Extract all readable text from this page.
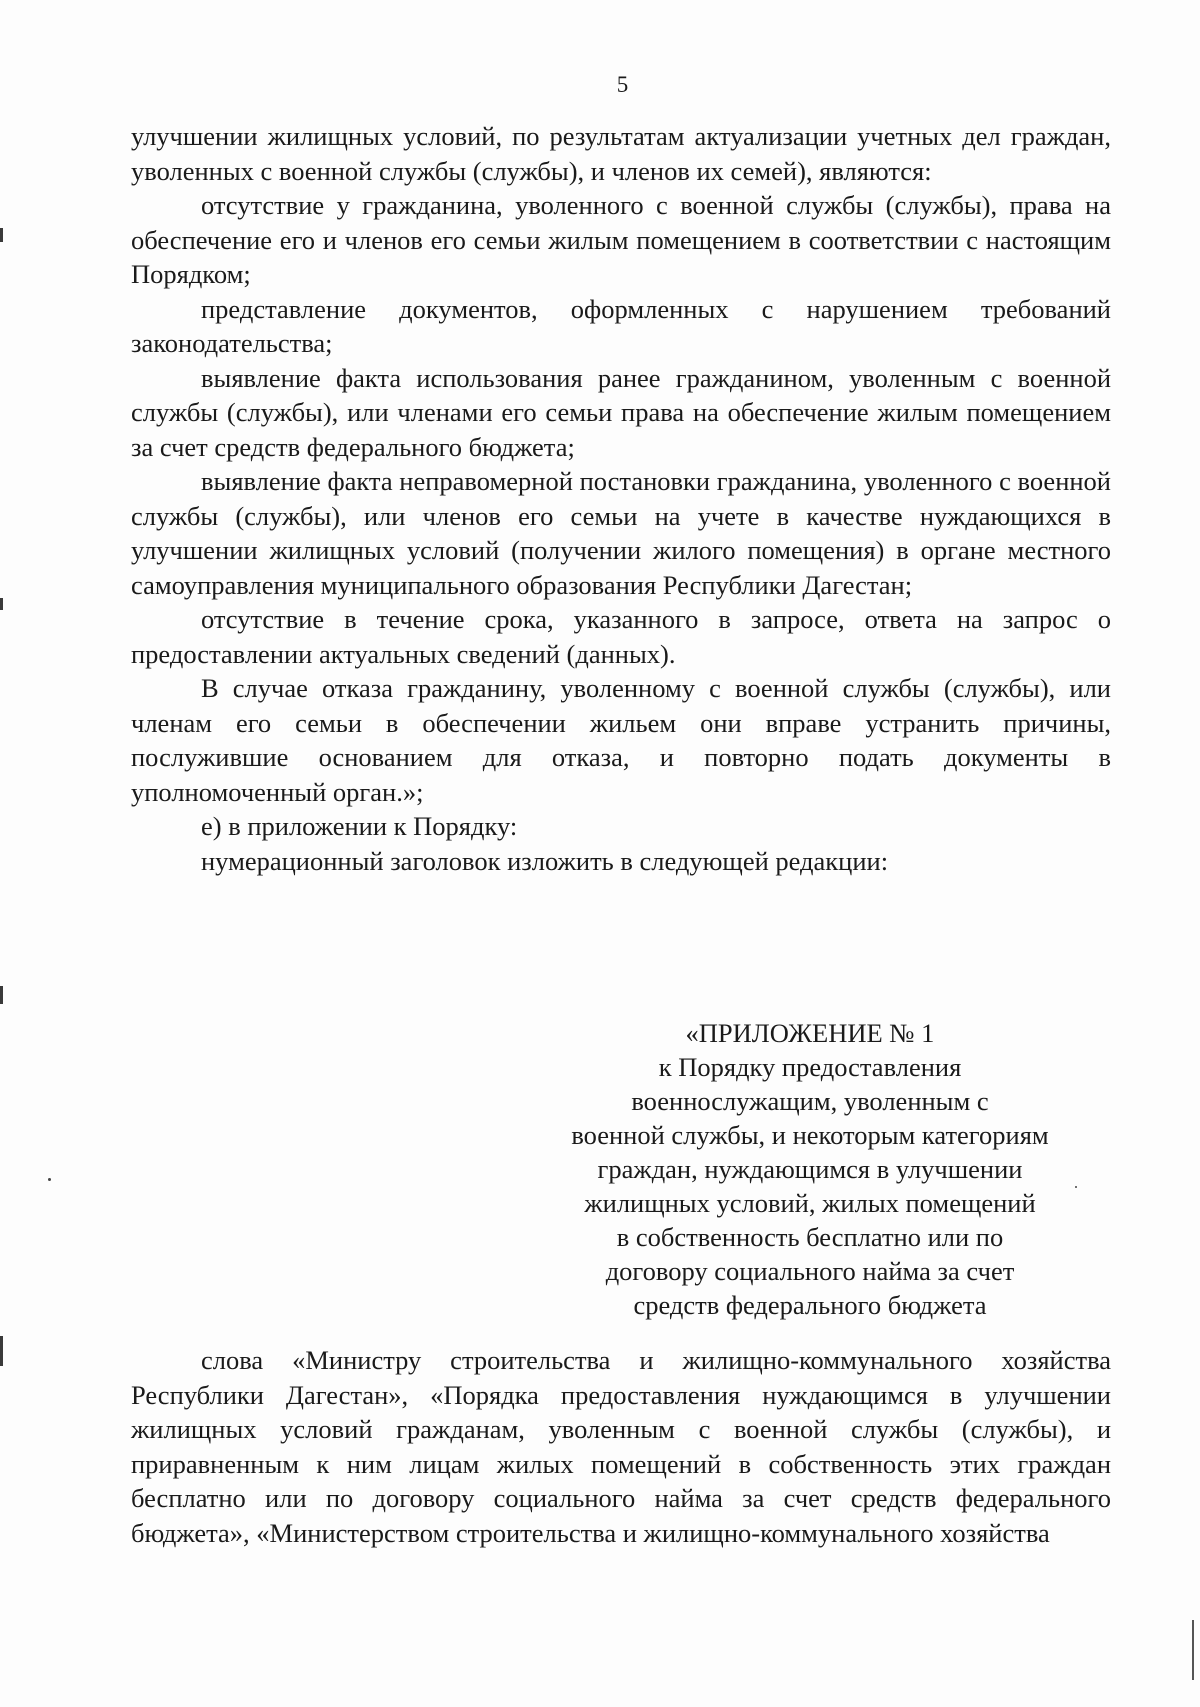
5

улучшении жилищных условий, по результатам актуализации учетных дел граждан, уволенных с военной службы (службы), и членов их семей), являются:

отсутствие у гражданина, уволенного с военной службы (службы), права на обеспечение его и членов его семьи жилым помещением в соответствии с настоящим Порядком;

представление документов, оформленных с нарушением требований законодательства;

выявление факта использования ранее гражданином, уволенным с военной службы (службы), или членами его семьи права на обеспечение жилым помещением за счет средств федерального бюджета;

выявление факта неправомерной постановки гражданина, уволенного с военной службы (службы), или членов его семьи на учете в качестве нуждающихся в улучшении жилищных условий (получении жилого помещения) в органе местного самоуправления муниципального образования Республики Дагестан;

отсутствие в течение срока, указанного в запросе, ответа на запрос о предоставлении актуальных сведений (данных).

В случае отказа гражданину, уволенному с военной службы (службы), или членам его семьи в обеспечении жильем они вправе устранить причины, послужившие основанием для отказа, и повторно подать документы в уполномоченный орган.»;

е) в приложении к Порядку:

нумерационный заголовок изложить в следующей редакции:

«ПРИЛОЖЕНИЕ № 1
к Порядку предоставления
военнослужащим, уволенным с
военной службы, и некоторым категориям
граждан, нуждающимся в улучшении
жилищных условий, жилых помещений
в собственность бесплатно или по
договору социального найма за счет
средств федерального бюджета

слова «Министру строительства и жилищно-коммунального хозяйства Республики Дагестан», «Порядка предоставления нуждающимся в улучшении жилищных условий гражданам, уволенным с военной службы (службы), и приравненным к ним лицам жилых помещений в собственность этих граждан бесплатно или по договору социального найма за счет средств федерального бюджета», «Министерством строительства и жилищно-коммунального хозяйства
